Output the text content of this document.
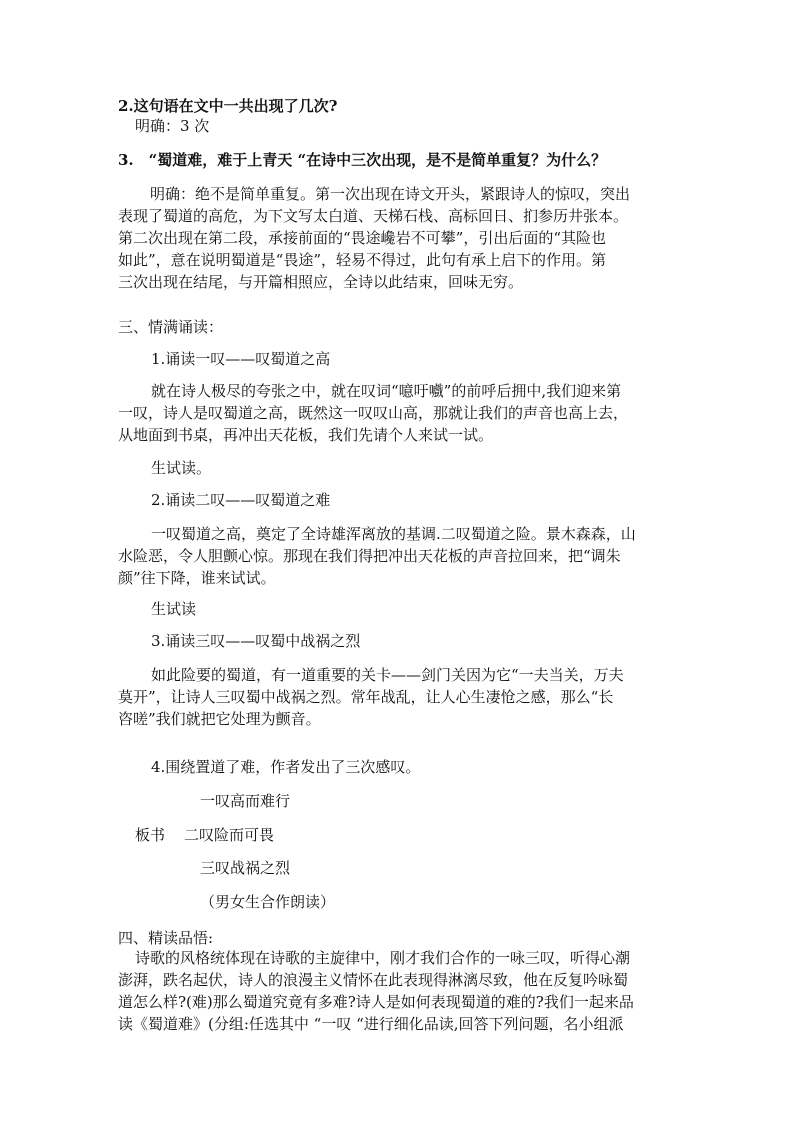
2.这句语在文中一共出现了几次?
明确：3 次
3.　“蜀道难，难于上青天 “在诗中三次出现，是不是简单重复？为什么？
明确：绝不是简单重复。第一次出现在诗文开头，紧跟诗人的惊叹，突出
表现了蜀道的高危，为下文写太白道、天梯石栈、高标回日、扪参历井张本。
第二次出现在第二段，承接前面的“畏途巉岩不可攀”，引出后面的“其险也
如此”，意在说明蜀道是“畏途”，轻易不得过，此句有承上启下的作用。第
三次出现在结尾，与开篇相照应，全诗以此结束，回味无穷。
三、情满诵读：
1.诵读一叹——叹蜀道之高
就在诗人极尽的夸张之中，就在叹词“噫吁嚱”的前呼后拥中,我们迎来第
一叹，诗人是叹蜀道之高，既然这一叹叹山高，那就让我们的声音也高上去，
从地面到书桌，再冲出天花板，我们先请个人来试一试。
生试读。
2.诵读二叹——叹蜀道之难
一叹蜀道之高，奠定了全诗雄浑离放的基调.二叹蜀道之险。景木森森，山
水险恶，令人胆颤心惊。那现在我们得把冲出天花板的声音拉回来，把“调朱
颜”往下降，谁来试试。
生试读
3.诵读三叹——叹蜀中战祸之烈
如此险要的蜀道，有一道重要的关卡——剑门关因为它“一夫当关，万夫
莫开”，让诗人三叹蜀中战祸之烈。常年战乱，让人心生凄怆之感，那么“长
咨嗟”我们就把它处理为颤音。
4.围绕置道了难，作者发出了三次感叹。
一叹高而难行
板书 二叹险而可畏
三叹战祸之烈
（男女生合作朗读）
四、精读品悟:
诗歌的风格统体现在诗歌的主旋律中，刚才我们合作的一咏三叹，听得心潮
澎湃，跌名起伏，诗人的浪漫主义情怀在此表现得淋漓尽致，他在反复吟咏蜀
道怎么样?(难)那么蜀道究竟有多难?诗人是如何表现蜀道的难的?我们一起来品
读《蜀道难》(分组:任选其中 “一叹 “进行细化品读,回答下列问题，名小组派
